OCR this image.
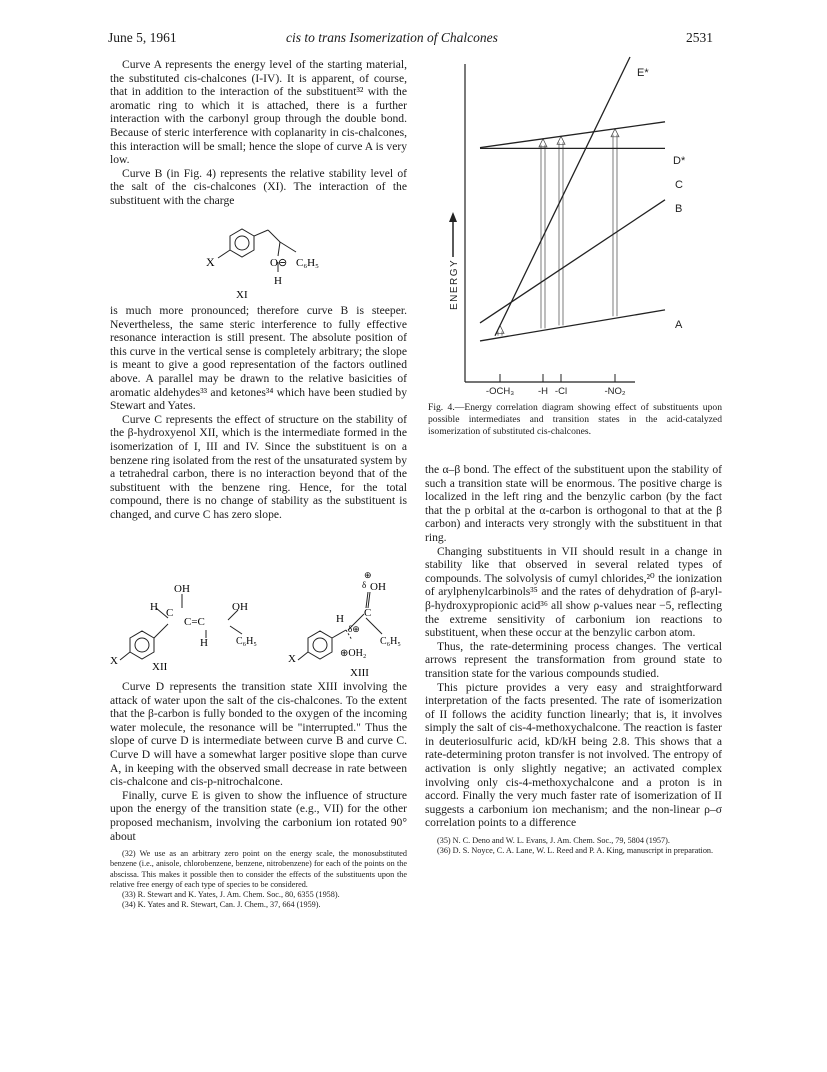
June 5, 1961	cis to trans Isomerization of Chalcones	2531

Curve A represents the energy level of the starting material, the substituted cis-chalcones (I-IV). It is apparent, of course, that in addition to the interaction of the substituent³² with the aromatic ring to which it is attached, there is a further interaction with the carbonyl group through the double bond. Because of steric interference with coplanarity in cis-chalcones, this interaction will be small; hence the slope of curve A is very low.

Curve B (in Fig. 4) represents the relative stability level of the salt of the cis-chalcones (XI). The interaction of the substituent with the charge

X	O⊖ C₆H₅
H
XI

is much more pronounced; therefore curve B is steeper. Nevertheless, the same steric interference to fully effective resonance interaction is still present. The absolute position of this curve in the vertical sense is completely arbitrary; the slope is meant to give a good representation of the factors outlined above. A parallel may be drawn to the relative basicities of aromatic aldehydes³³ and ketones³⁴ which have been studied by Stewart and Yates.

Curve C represents the effect of structure on the stability of the β-hydroxyenol XII, which is the intermediate formed in the isomerization of I, III and IV. Since the substituent is on a benzene ring isolated from the rest of the unsaturated system by a tetrahedral carbon, there is no interaction beyond that of the substituent with the benzene ring. Hence, for the total compound, there is no change of stability as the substituent is changed, and curve C has zero slope.

OH
H C
C=C
OH
C₆H₅
H
X	XII
⊕
δ OH
C
H
δ⊕
C₆H₅
X	⊕OH₂
XIII

Curve D represents the transition state XIII involving the attack of water upon the salt of the cis-chalcones. To the extent that the β-carbon is fully bonded to the oxygen of the incoming water molecule, the resonance will be "interrupted." Thus the slope of curve D is intermediate between curve B and curve C. Curve D will have a somewhat larger positive slope than curve A, in keeping with the observed small decrease in rate between cis-chalcone and cis-p-nitrochalcone.

Finally, curve E is given to show the influence of structure upon the energy of the transition state (e.g., VII) for the other proposed mechanism, involving the carbonium ion rotated 90° about

(32) We use as an arbitrary zero point on the energy scale, the monosubstituted benzene (i.e., anisole, chlorobenzene, benzene, nitrobenzene) for each of the points on the abscissa. This makes it possible then to consider the effects of the substituents upon the relative free energy of each type of species to be considered.

(33) R. Stewart and K. Yates, J. Am. Chem. Soc., 80, 6355 (1958).

(34) K. Yates and R. Stewart, Can. J. Chem., 37, 664 (1959).

ENERGY
-OCH₃	-H -Cl	-NO₂
E*
D*
C
B
A
Fig. 4.—Energy correlation diagram showing effect of substituents upon possible intermediates and transition states in the acid-catalyzed isomerization of substituted cis-chalcones.

the α–β bond. The effect of the substituent upon the stability of such a transition state will be enormous. The positive charge is localized in the left ring and the benzylic carbon (by the fact that the p orbital at the α-carbon is orthogonal to that at the β carbon) and interacts very strongly with the substituent in that ring.

Changing substituents in VII should result in a change in stability like that observed in several related types of compounds. The solvolysis of cumyl chlorides,²⁰ the ionization of arylphenylcarbinols³⁵ and the rates of dehydration of β-aryl-β-hydroxypropionic acid³⁶ all show ρ-values near −5, reflecting the extreme sensitivity of carbonium ion reactions to substituent, when these occur at the benzylic carbon atom.

Thus, the rate-determining process changes. The vertical arrows represent the transformation from ground state to transition state for the various compounds studied.

This picture provides a very easy and straightforward interpretation of the facts presented. The rate of isomerization of II follows the acidity function linearly; that is, it involves simply the salt of cis-4-methoxychalcone. The reaction is faster in deuteriosulfuric acid, kD/kH being 2.8. This shows that a rate-determining proton transfer is not involved. The entropy of activation is only slightly negative; an activated complex involving only cis-4-methoxychalcone and a proton is in accord. Finally the very much faster rate of isomerization of II suggests a carbonium ion mechanism; and the non-linear ρ–σ correlation points to a difference

(35) N. C. Deno and W. L. Evans, J. Am. Chem. Soc., 79, 5804 (1957).

(36) D. S. Noyce, C. A. Lane, W. L. Reed and P. A. King, manuscript in preparation.
